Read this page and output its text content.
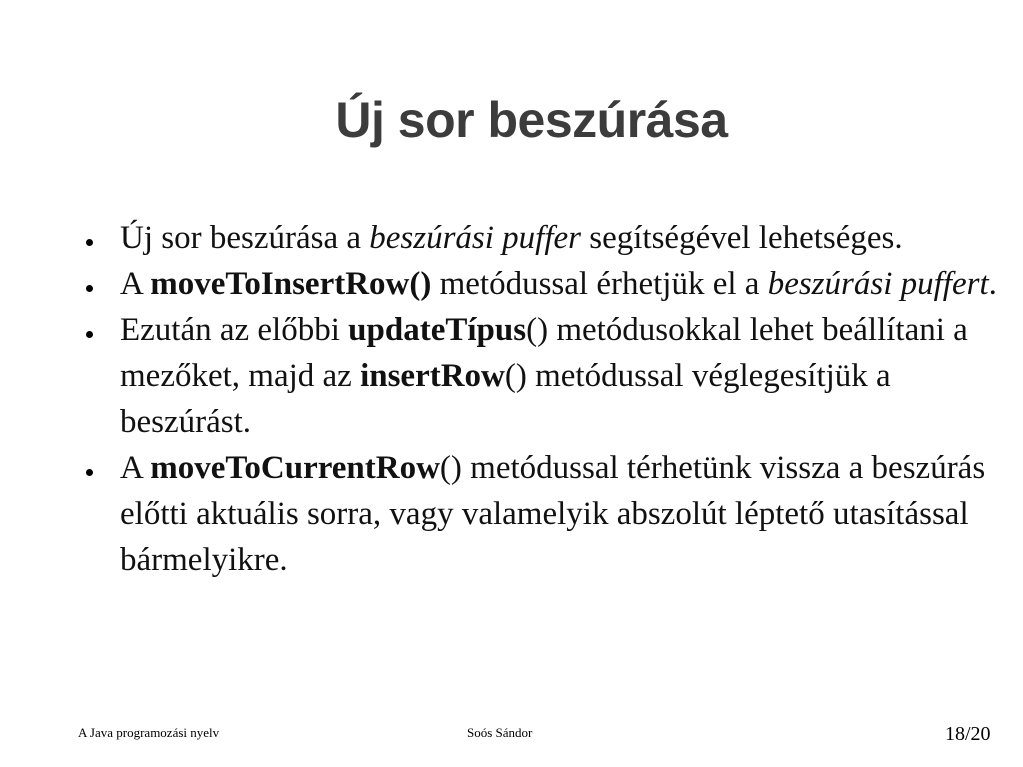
Új sor beszúrása
Új sor beszúrása a beszúrási puffer segítségével lehetséges.
A moveToInsertRow() metódussal érhetjük el a beszúrási puffert.
Ezután az előbbi updateTípus() metódusokkal lehet beállítani a mezőket, majd az insertRow() metódussal véglegesítjük a beszúrást.
A moveToCurrentRow() metódussal térhetünk vissza a beszúrás előtti aktuális sorra, vagy valamelyik abszolút léptető utasítással bármelyikre.
A Java programozási nyelv	Soós Sándor	18/20
